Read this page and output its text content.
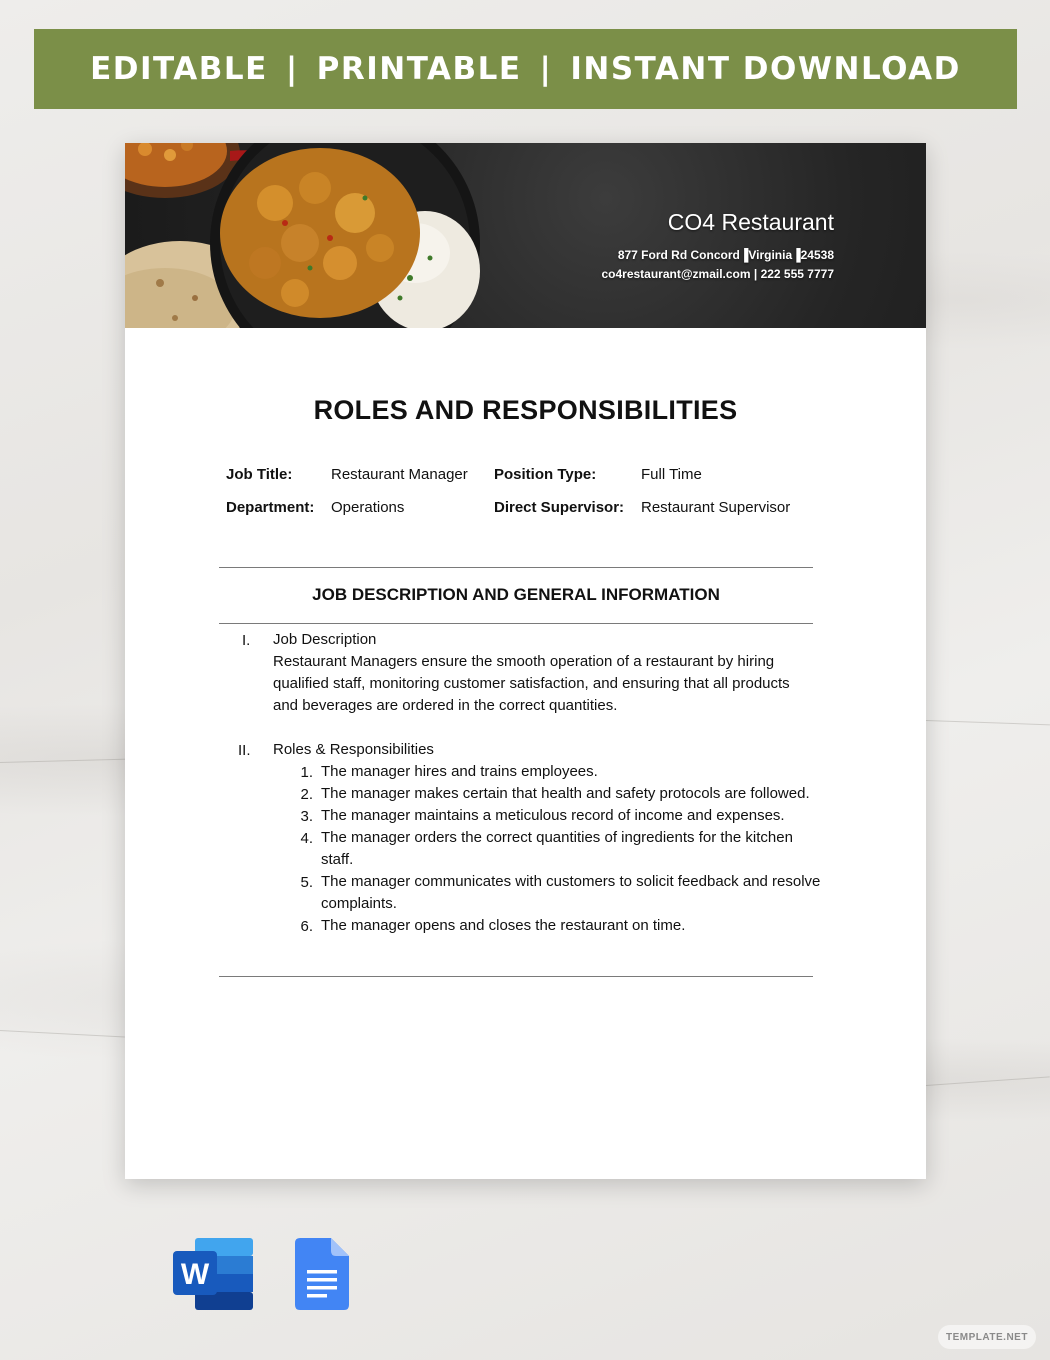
EDITABLE | PRINTABLE | INSTANT DOWNLOAD
CO4 Restaurant
877 Ford Rd Concord▐Virginia▐24538
co4restaurant@zmail.com | 222 555 7777
ROLES AND RESPONSIBILITIES
Job Title:	Restaurant Manager Position Type:	Full Time
Department: Operations	Direct Supervisor: Restaurant Supervisor
JOB DESCRIPTION AND GENERAL INFORMATION
I. Job Description
Restaurant Managers ensure the smooth operation of a restaurant by hiring
qualified staff, monitoring customer satisfaction, and ensuring that all products
and beverages are ordered in the correct quantities.
II. Roles & Responsibilities
1. The manager hires and trains employees.
2. The manager makes certain that health and safety protocols are followed.
3. The manager maintains a meticulous record of income and expenses.
4. The manager orders the correct quantities of ingredients for the kitchen
staff.
5. The manager communicates with customers to solicit feedback and resolve
complaints.
6. The manager opens and closes the restaurant on time.
W
TEMPLATE.NET
